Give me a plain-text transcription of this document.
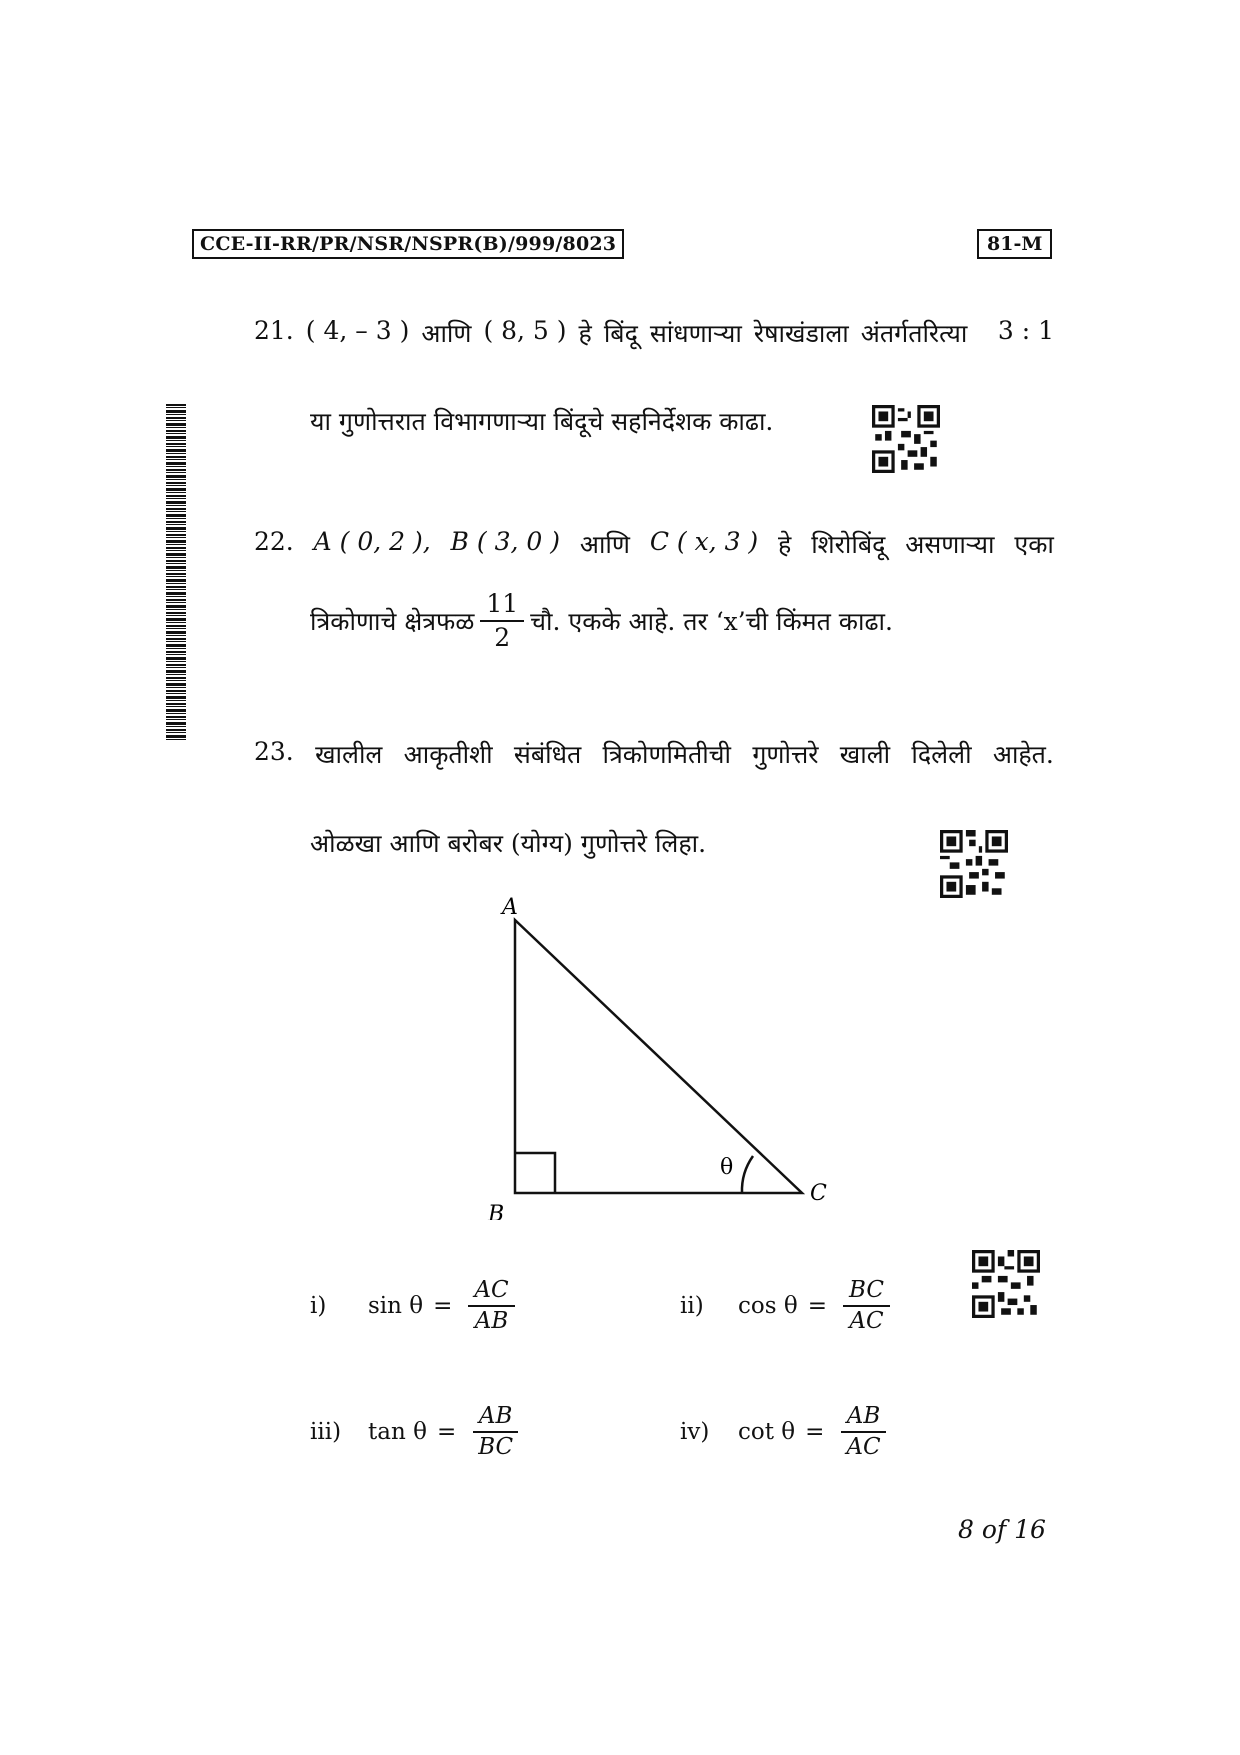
CCE-II-RR/PR/NSR/NSPR(B)/999/8023	81-M
21. ( 4, – 3 ) आणि ( 8, 5 ) हे बिंदू सांधणाऱ्या रेषाखंडाला अंतर्गतरित्या 3 : 1
या गुणोत्तरात विभागणाऱ्या बिंदूचे सहनिर्देशक काढा.
22. A ( 0, 2 ), B ( 3, 0 ) आणि C ( x, 3 ) हे शिरोबिंदू असणाऱ्या एका
त्रिकोणाचे क्षेत्रफळ $\frac{11}{2}$ चौ. एकके आहे. तर ‘x’ची किंमत काढा.
23. खालील आकृतीशी संबंधित त्रिकोणमितीची गुणोत्तरे खाली दिलेली आहेत.
ओळखा आणि बरोबर (योग्य) गुणोत्तरे लिहा.
A
B
C
θ
i)	$\sin \theta = \frac{AC}{AB}$	ii)	$\cos \theta = \frac{BC}{AC}$
iii)	$\tan \theta = \frac{AB}{BC}$	iv)	$\cot \theta = \frac{AB}{AC}$
8 of 16
